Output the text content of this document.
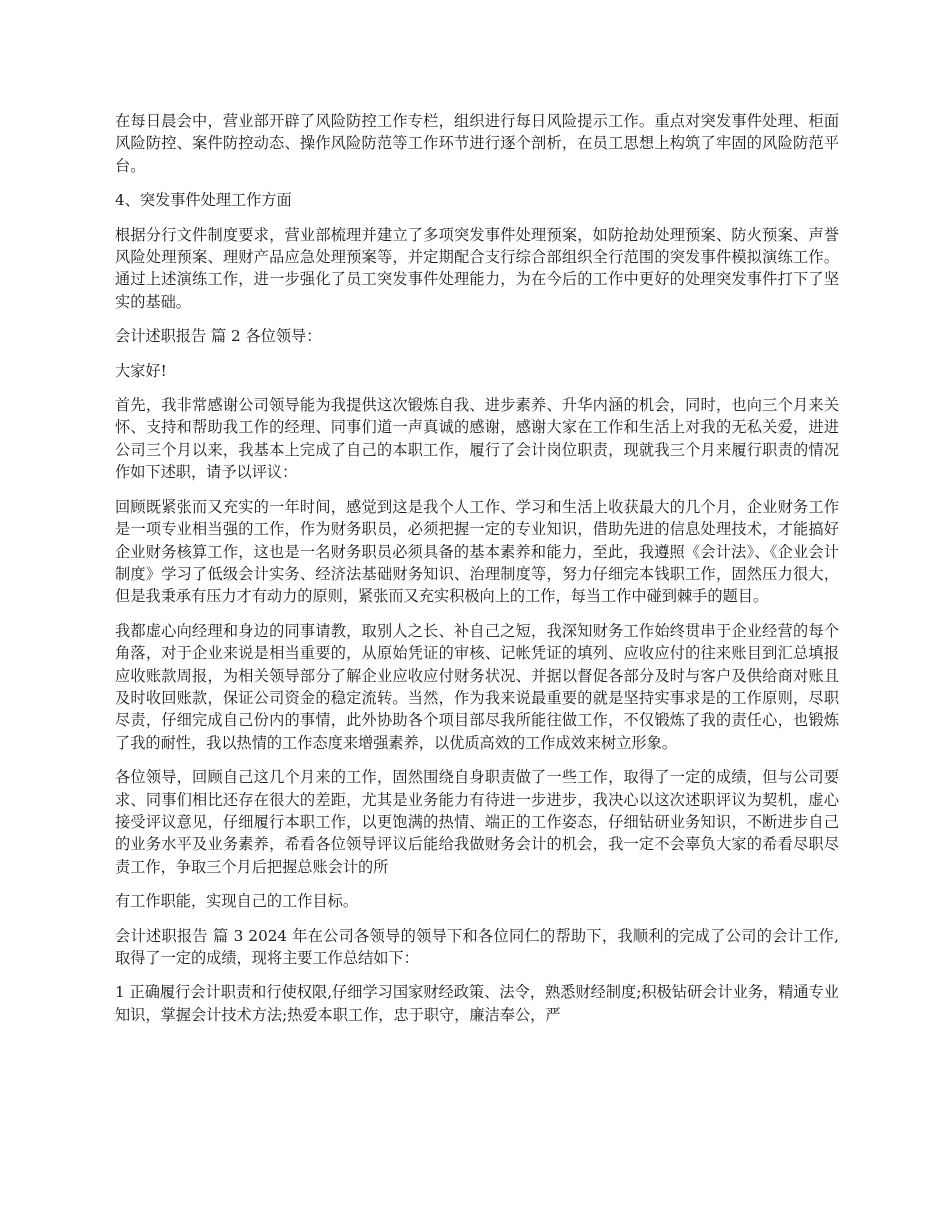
在每日晨会中，营业部开辟了风险防控工作专栏，组织进行每日风险提示工作。重点对突发事件处理、柜面风险防控、案件防控动态、操作风险防范等工作环节进行逐个剖析，在员工思想上构筑了牢固的风险防范平台。

4、突发事件处理工作方面

根据分行文件制度要求，营业部梳理并建立了多项突发事件处理预案，如防抢劫处理预案、防火预案、声誉风险处理预案、理财产品应急处理预案等，并定期配合支行综合部组织全行范围的突发事件模拟演练工作。通过上述演练工作，进一步强化了员工突发事件处理能力，为在今后的工作中更好的处理突发事件打下了坚实的基础。

会计述职报告 篇 2 各位领导：

大家好!

首先，我非常感谢公司领导能为我提供这次锻炼自我、进步素养、升华内涵的机会，同时，也向三个月来关怀、支持和帮助我工作的经理、同事们道一声真诚的感谢，感谢大家在工作和生活上对我的无私关爱，进进公司三个月以来，我基本上完成了自己的本职工作，履行了会计岗位职责，现就我三个月来履行职责的情况作如下述职，请予以评议：

回顾既紧张而又充实的一年时间，感觉到这是我个人工作、学习和生活上收获最大的几个月，企业财务工作是一项专业相当强的工作，作为财务职员，必须把握一定的专业知识，借助先进的信息处理技术，才能搞好企业财务核算工作，这也是一名财务职员必须具备的基本素养和能力，至此，我遵照《会计法》、《企业会计制度》学习了低级会计实务、经济法基础财务知识、治理制度等，努力仔细完本钱职工作，固然压力很大，但是我秉承有压力才有动力的原则，紧张而又充实积极向上的工作，每当工作中碰到棘手的题目。

我都虚心向经理和身边的同事请教，取别人之长、补自己之短，我深知财务工作始终贯串于企业经营的每个角落，对于企业来说是相当重要的，从原始凭证的审核、记帐凭证的填列、应收应付的往来账目到汇总填报应收账款周报，为相关领导部分了解企业应收应付财务状况、并据以督促各部分及时与客户及供给商对账且及时收回账款，保证公司资金的稳定流转。当然，作为我来说最重要的就是坚持实事求是的工作原则，尽职尽责，仔细完成自己份内的事情，此外协助各个项目部尽我所能往做工作，不仅锻炼了我的责任心，也锻炼了我的耐性，我以热情的工作态度来增强素养，以优质高效的工作成效来树立形象。

各位领导，回顾自己这几个月来的工作，固然围绕自身职责做了一些工作，取得了一定的成绩，但与公司要求、同事们相比还存在很大的差距，尤其是业务能力有待进一步进步，我决心以这次述职评议为契机，虚心接受评议意见，仔细履行本职工作，以更饱满的热情、端正的工作姿态，仔细钻研业务知识，不断进步自己的业务水平及业务素养，希看各位领导评议后能给我做财务会计的机会，我一定不会辜负大家的希看尽职尽责工作，争取三个月后把握总账会计的所

有工作职能，实现自己的工作目标。

会计述职报告 篇 3 2024 年在公司各领导的领导下和各位同仁的帮助下，我顺利的完成了公司的会计工作,取得了一定的成绩，现将主要工作总结如下：

1 正确履行会计职责和行使权限,仔细学习国家财经政策、法令，熟悉财经制度;积极钻研会计业务，精通专业知识，掌握会计技术方法;热爱本职工作，忠于职守，廉洁奉公，严
